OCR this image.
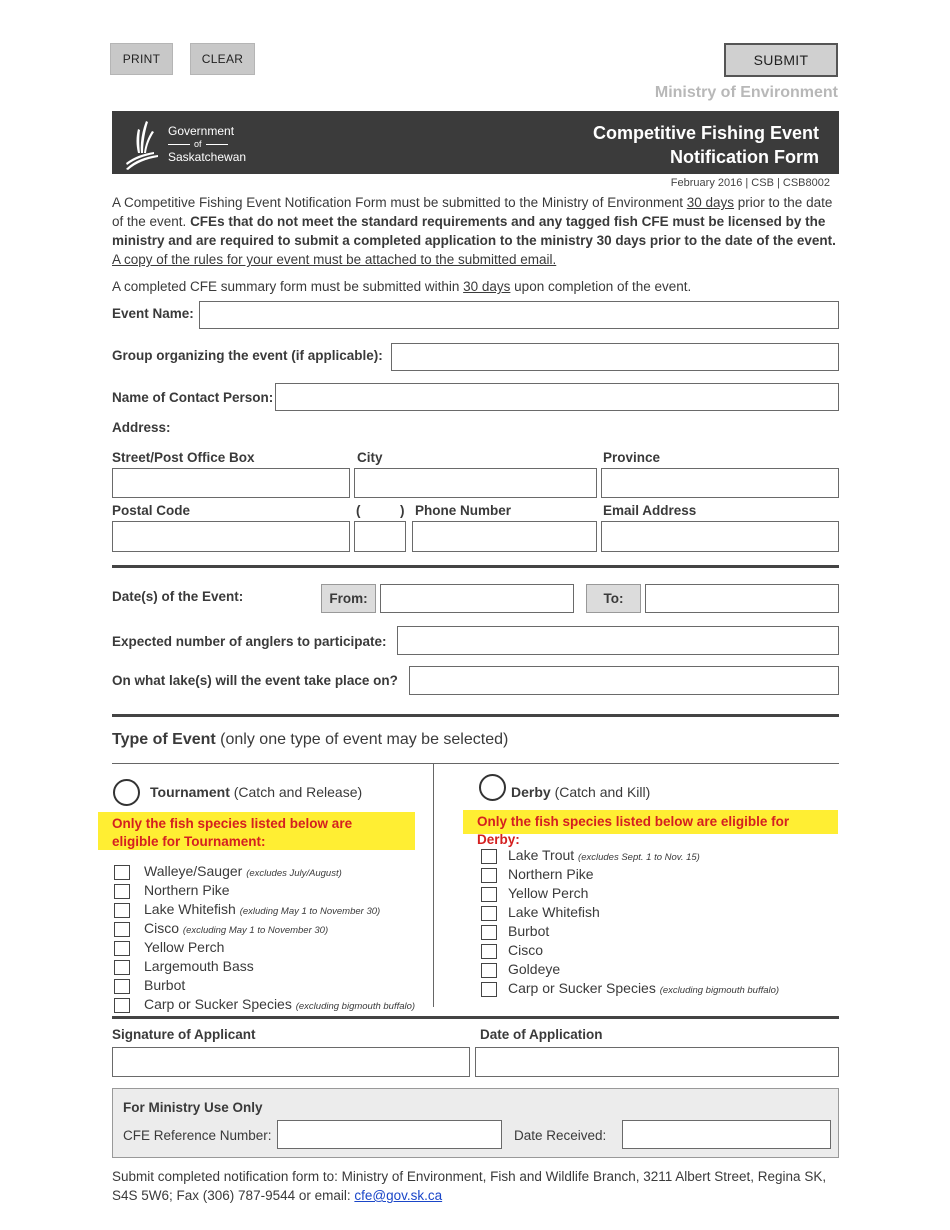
PRINT	CLEAR	SUBMIT
Ministry of Environment
Government
of
Saskatchewan
Competitive Fishing Event
Notification Form
February 2016 | CSB | CSB8002
A Competitive Fishing Event Notification Form must be submitted to the Ministry of Environment 30 days prior to the date of the event. CFEs that do not meet the standard requirements and any tagged fish CFE must be licensed by the ministry and are required to submit a completed application to the ministry 30 days prior to the date of the event. A copy of the rules for your event must be attached to the submitted email.
A completed CFE summary form must be submitted within 30 days upon completion of the event.
Event Name:
Group organizing the event (if applicable):
Name of Contact Person:
Address:
Street/Post Office Box	City	Province
Postal Code	(	) Phone Number	Email Address
Date(s) of the Event:	From:	To:
Expected number of anglers to participate:
On what lake(s) will the event take place on?
Type of Event (only one type of event may be selected)
Tournament (Catch and Release)
Only the fish species listed below are eligible for Tournament:
Walleye/Sauger (excludes July/August)
Northern Pike
Lake Whitefish (exluding May 1 to November 30)
Cisco (excluding May 1 to November 30)
Yellow Perch
Largemouth Bass
Burbot
Carp or Sucker Species (excluding bigmouth buffalo)
Derby (Catch and Kill)
Only the fish species listed below are eligible for Derby:
Lake Trout (excludes Sept. 1 to Nov. 15)
Northern Pike
Yellow Perch
Lake Whitefish
Burbot
Cisco
Goldeye
Carp or Sucker Species (excluding bigmouth buffalo)
Signature of Applicant	Date of Application
For Ministry Use Only
CFE Reference Number:	Date Received:
Submit completed notification form to: Ministry of Environment, Fish and Wildlife Branch, 3211 Albert Street, Regina SK, S4S 5W6; Fax (306) 787-9544 or email: cfe@gov.sk.ca
